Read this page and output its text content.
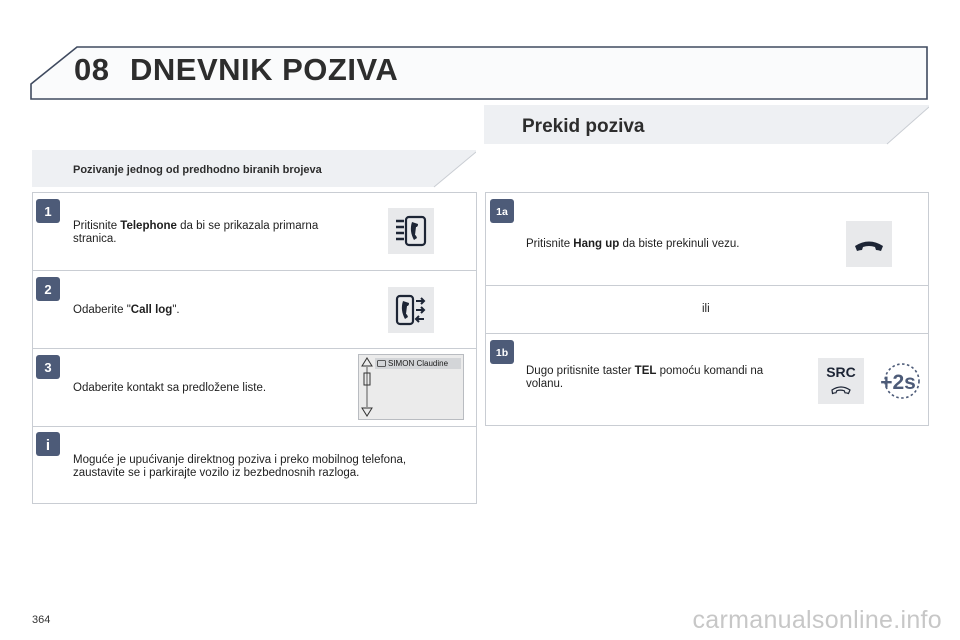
08 DNEVNIK POZIVA
Pozivanje jednog od predhodno biranih brojeva
1
Pritisnite Telephone da bi se prikazala primarna stranica.
2
Odaberite "Call log".
3
Odaberite kontakt sa predložene liste.
SIMON Claudine
i
Moguće je upućivanje direktnog poziva i preko mobilnog telefona, zaustavite se i parkirajte vozilo iz bezbednosnih razloga.
Prekid poziva
1a
Pritisnite Hang up da biste prekinuli vezu.
ili
1b
Dugo pritisnite taster TEL pomoću komandi na volanu.
SRC	+2s
364	carmanualsonline.info
